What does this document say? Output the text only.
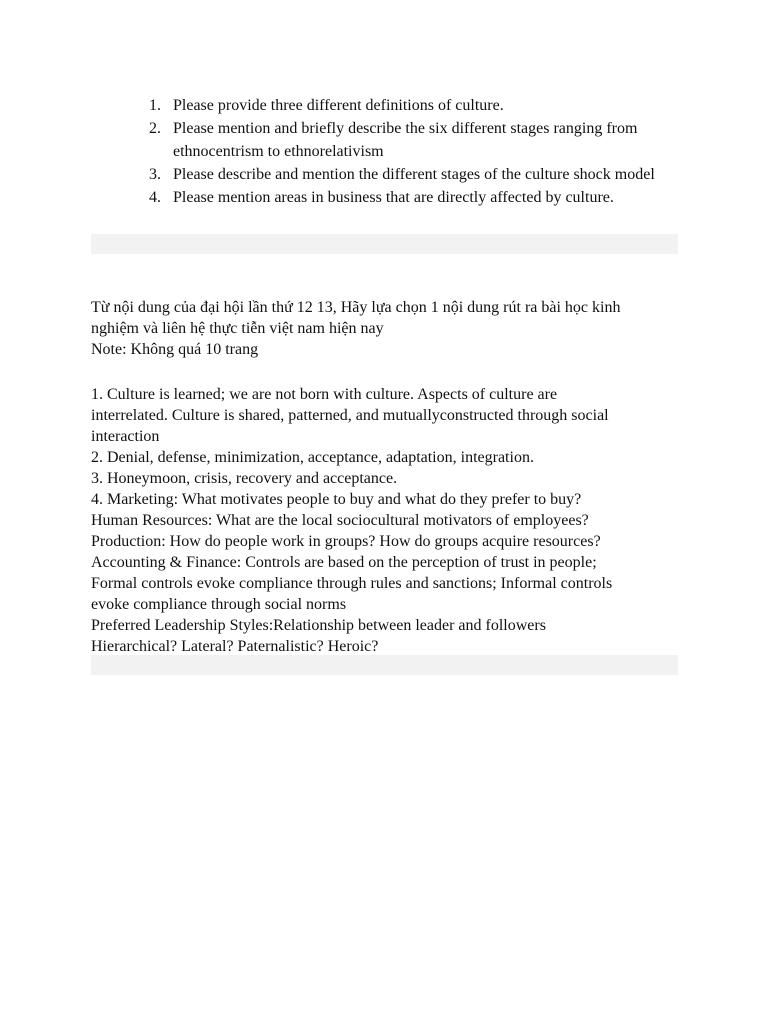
1. Please provide three different definitions of culture.
2. Please mention and briefly describe the six different stages ranging from ethnocentrism to ethnorelativism
3. Please describe and mention the different stages of the culture shock model
4. Please mention areas in business that are directly affected by culture.

Từ nội dung của đại hội lần thứ 12 13, Hãy lựa chọn 1 nội dung rút ra bài học kinh

nghiệm và liên hệ thực tiễn việt nam hiện nay

Note: Không quá 10 trang

1. Culture is learned; we are not born with culture. Aspects of culture are

interrelated. Culture is shared, patterned, and mutuallyconstructed through social

interaction

2. Denial, defense, minimization, acceptance, adaptation, integration.

3. Honeymoon, crisis, recovery and acceptance.

4. Marketing: What motivates people to buy and what do they prefer to buy?

Human Resources: What are the local sociocultural motivators of employees?

Production: How do people work in groups? How do groups acquire resources?

Accounting & Finance: Controls are based on the perception of trust in people;

Formal controls evoke compliance through rules and sanctions; Informal controls

evoke compliance through social norms

Preferred Leadership Styles:Relationship between leader and followers

Hierarchical? Lateral? Paternalistic? Heroic?
